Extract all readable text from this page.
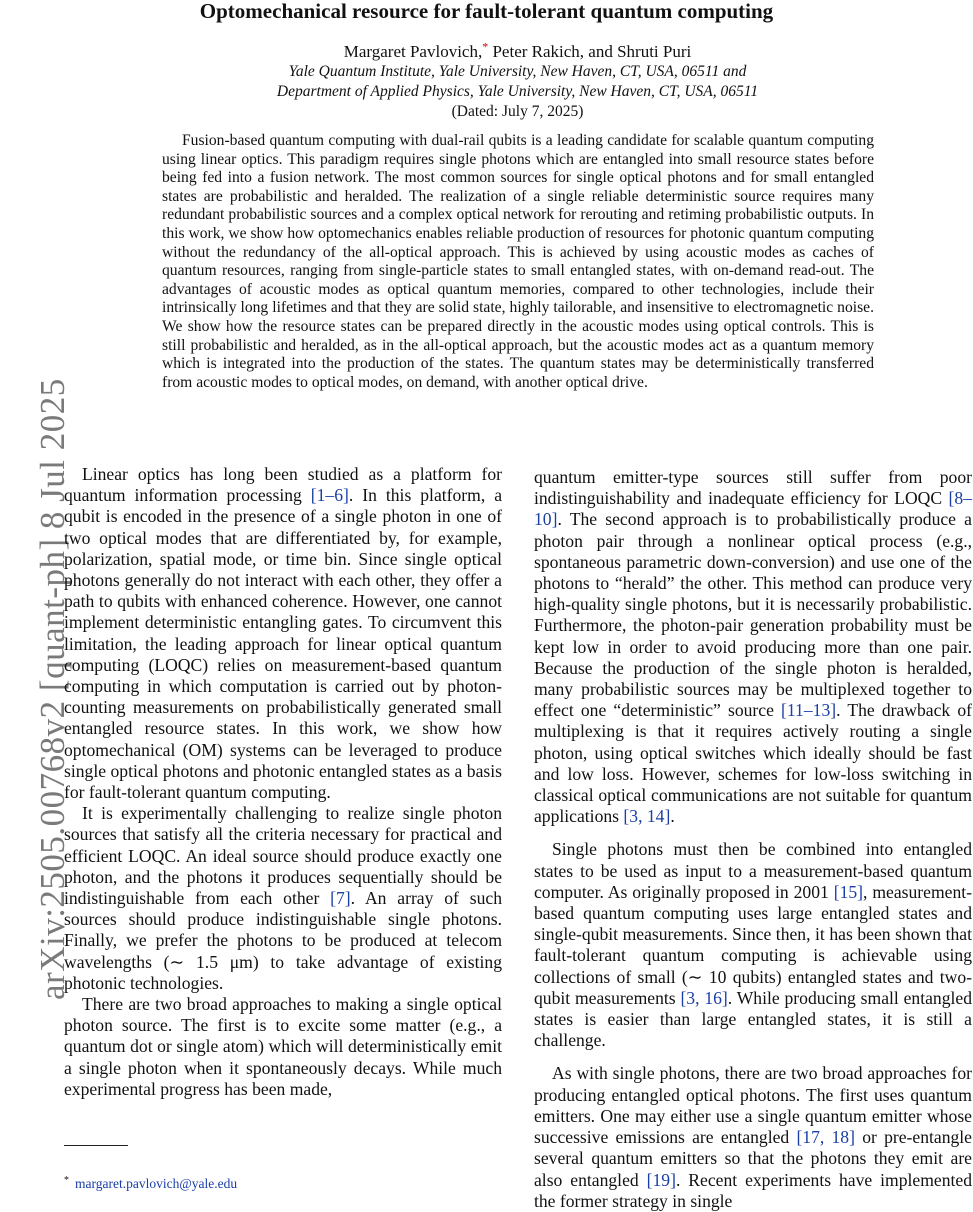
Optomechanical resource for fault-tolerant quantum computing
Margaret Pavlovich,* Peter Rakich, and Shruti Puri
Yale Quantum Institute, Yale University, New Haven, CT, USA, 06511 and
Department of Applied Physics, Yale University, New Haven, CT, USA, 06511
(Dated: July 7, 2025)
Fusion-based quantum computing with dual-rail qubits is a leading candidate for scalable quantum computing using linear optics. This paradigm requires single photons which are entangled into small resource states before being fed into a fusion network. The most common sources for single optical photons and for small entangled states are probabilistic and heralded. The realization of a single reliable deterministic source requires many redundant probabilistic sources and a complex optical network for rerouting and retiming probabilistic outputs. In this work, we show how optomechanics enables reliable production of resources for photonic quantum computing without the redundancy of the all-optical approach. This is achieved by using acoustic modes as caches of quantum resources, ranging from single-particle states to small entangled states, with on-demand read-out. The advantages of acoustic modes as optical quantum memories, compared to other technologies, include their intrinsically long lifetimes and that they are solid state, highly tailorable, and insensitive to electromagnetic noise. We show how the resource states can be prepared directly in the acoustic modes using optical controls. This is still probabilistic and heralded, as in the all-optical approach, but the acoustic modes act as a quantum memory which is integrated into the production of the states. The quantum states may be deterministically transferred from acoustic modes to optical modes, on demand, with another optical drive.
arXiv:2505.00768v2 [quant-ph] 8 Jul 2025 Linear optics has long been studied as a platform for quantum information processing [1–6]. In this platform, a qubit is encoded in the presence of a single photon in one of two optical modes that are differentiated by, for example, polarization, spatial mode, or time bin. Since single optical photons generally do not interact with each other, they offer a path to qubits with enhanced coherence. However, one cannot implement deterministic entangling gates. To circumvent this limitation, the leading approach for linear optical quantum computing (LOQC) relies on measurement-based quantum computing in which computation is carried out by photon-counting measurements on probabilistically generated small entangled resource states. In this work, we show how optomechanical (OM) systems can be leveraged to produce single optical photons and photonic entangled states as a basis for fault-tolerant quantum computing.

It is experimentally challenging to realize single photon sources that satisfy all the criteria necessary for practical and efficient LOQC. An ideal source should produce exactly one photon, and the photons it produces sequentially should be indistinguishable from each other [7]. An array of such sources should produce indistinguishable single photons. Finally, we prefer the photons to be produced at telecom wavelengths (∼ 1.5 μm) to take advantage of existing photonic technologies.

There are two broad approaches to making a single optical photon source. The first is to excite some matter (e.g., a quantum dot or single atom) which will deterministically emit a single photon when it spontaneously decays. While much experimental progress has been made,

quantum emitter-type sources still suffer from poor indistinguishability and inadequate efficiency for LOQC [8–10]. The second approach is to probabilistically produce a photon pair through a nonlinear optical process (e.g., spontaneous parametric down-conversion) and use one of the photons to “herald” the other. This method can produce very high-quality single photons, but it is necessarily probabilistic. Furthermore, the photon-pair generation probability must be kept low in order to avoid producing more than one pair. Because the production of the single photon is heralded, many probabilistic sources may be multiplexed together to effect one “deterministic” source [11–13]. The drawback of multiplexing is that it requires actively routing a single photon, using optical switches which ideally should be fast and low loss. However, schemes for low-loss switching in classical optical communications are not suitable for quantum applications [3, 14].

Single photons must then be combined into entangled states to be used as input to a measurement-based quantum computer. As originally proposed in 2001 [15], measurement-based quantum computing uses large entangled states and single-qubit measurements. Since then, it has been shown that fault-tolerant quantum computing is achievable using collections of small (∼ 10 qubits) entangled states and two-qubit measurements [3, 16]. While producing small entangled states is easier than large entangled states, it is still a challenge.

As with single photons, there are two broad approaches for producing entangled optical photons. The first uses quantum emitters. One may either use a single quantum emitter whose successive emissions are entangled [17, 18] or pre-entangle several quantum emitters so that the photons they emit are also entangled [19]. Recent experiments have implemented the former strategy in single

* margaret.pavlovich@yale.edu
